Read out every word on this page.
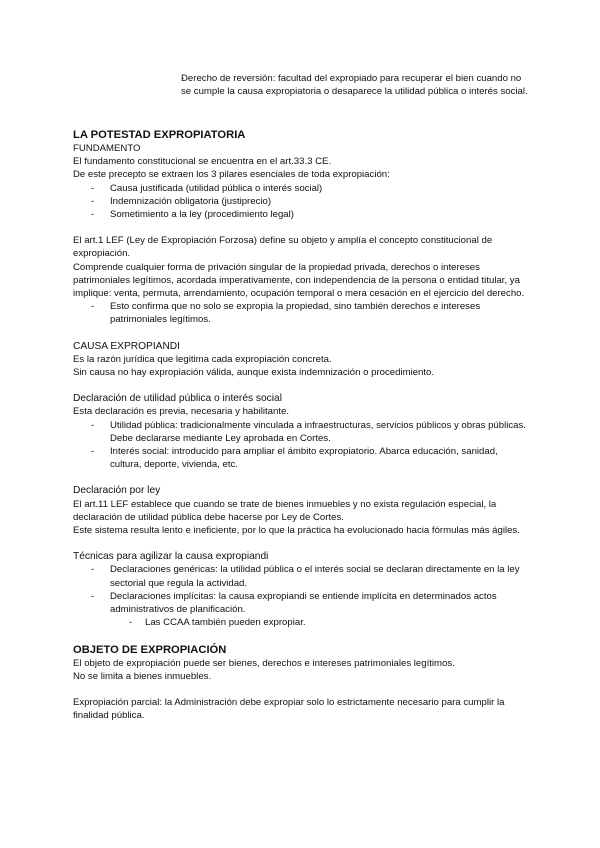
- Derecho de reversión: facultad del expropiado para recuperar el bien cuando no se cumple la causa expropiatoria o desaparece la utilidad pública o interés social.

LA POTESTAD EXPROPIATORIA

FUNDAMENTO

El fundamento constitucional se encuentra en el art.33.3 CE.

De este precepto se extraen los 3 pilares esenciales de toda expropiación:

- Causa justificada (utilidad pública o interés social)

- Indemnización obligatoria (justiprecio)

- Sometimiento a la ley (procedimiento legal)

El art.1 LEF (Ley de Expropiación Forzosa) define su objeto y amplía el concepto constitucional de expropiación.

Comprende cualquier forma de privación singular de la propiedad privada, derechos o intereses patrimoniales legítimos, acordada imperativamente, con independencia de la persona o entidad titular, ya implique: venta, permuta, arrendamiento, ocupación temporal o mera cesación en el ejercicio del derecho.

- Esto confirma que no solo se expropia la propiedad, sino también derechos e intereses patrimoniales legítimos.

CAUSA EXPROPIANDI

Es la razón jurídica que legitima cada expropiación concreta.

Sin causa no hay expropiación válida, aunque exista indemnización o procedimiento.

Declaración de utilidad pública o interés social

Esta declaración es previa, necesaria y habilitante.

- Utilidad pública: tradicionalmente vinculada a infraestructuras, servicios públicos y obras públicas. Debe declararse mediante Ley aprobada en Cortes.

- Interés social: introducido para ampliar el ámbito expropiatorio. Abarca educación, sanidad, cultura, deporte, vivienda, etc.

Declaración por ley

El art.11 LEF establece que cuando se trate de bienes inmuebles y no exista regulación especial, la declaración de utilidad pública debe hacerse por Ley de Cortes.

Este sistema resulta lento e ineficiente, por lo que la práctica ha evolucionado hacia fórmulas más ágiles.

Técnicas para agilizar la causa expropiandi

- Declaraciones genéricas: la utilidad pública o el interés social se declaran directamente en la ley sectorial que regula la actividad.

- Declaraciones implícitas: la causa expropiandi se entiende implícita en determinados actos administrativos de planificación.

- Las CCAA también pueden expropiar.

OBJETO DE EXPROPIACIÓN

El objeto de expropiación puede ser bienes, derechos e intereses patrimoniales legítimos.

No se limita a bienes inmuebles.

Expropiación parcial: la Administración debe expropiar solo lo estrictamente necesario para cumplir la finalidad pública.
